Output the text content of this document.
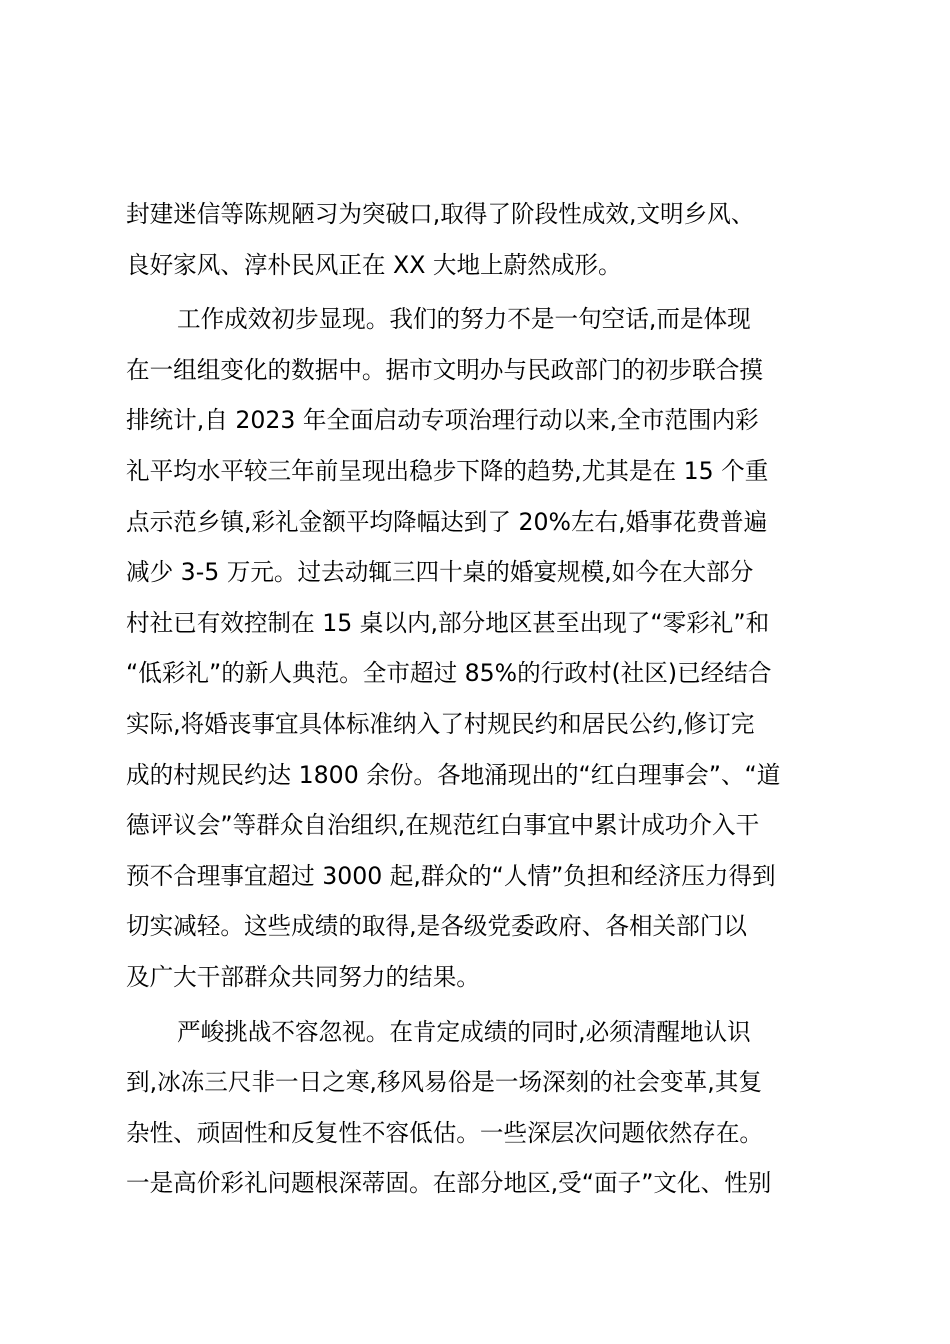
封建迷信等陈规陋习为突破口,取得了阶段性成效,文明乡风、
良好家风、淳朴民风正在 XX 大地上蔚然成形。

工作成效初步显现。我们的努力不是一句空话,而是体现
在一组组变化的数据中。据市文明办与民政部门的初步联合摸
排统计,自 2023 年全面启动专项治理行动以来,全市范围内彩
礼平均水平较三年前呈现出稳步下降的趋势,尤其是在 15 个重
点示范乡镇,彩礼金额平均降幅达到了 20%左右,婚事花费普遍
减少 3-5 万元。过去动辄三四十桌的婚宴规模,如今在大部分
村社已有效控制在 15 桌以内,部分地区甚至出现了“零彩礼”和
“低彩礼”的新人典范。全市超过 85%的行政村(社区)已经结合
实际,将婚丧事宜具体标准纳入了村规民约和居民公约,修订完
成的村规民约达 1800 余份。各地涌现出的“红白理事会”、“道
德评议会”等群众自治组织,在规范红白事宜中累计成功介入干
预不合理事宜超过 3000 起,群众的“人情”负担和经济压力得到
切实减轻。这些成绩的取得,是各级党委政府、各相关部门以
及广大干部群众共同努力的结果。

严峻挑战不容忽视。在肯定成绩的同时,必须清醒地认识
到,冰冻三尺非一日之寒,移风易俗是一场深刻的社会变革,其复
杂性、顽固性和反复性不容低估。一些深层次问题依然存在。
一是高价彩礼问题根深蒂固。在部分地区,受“面子”文化、性别
